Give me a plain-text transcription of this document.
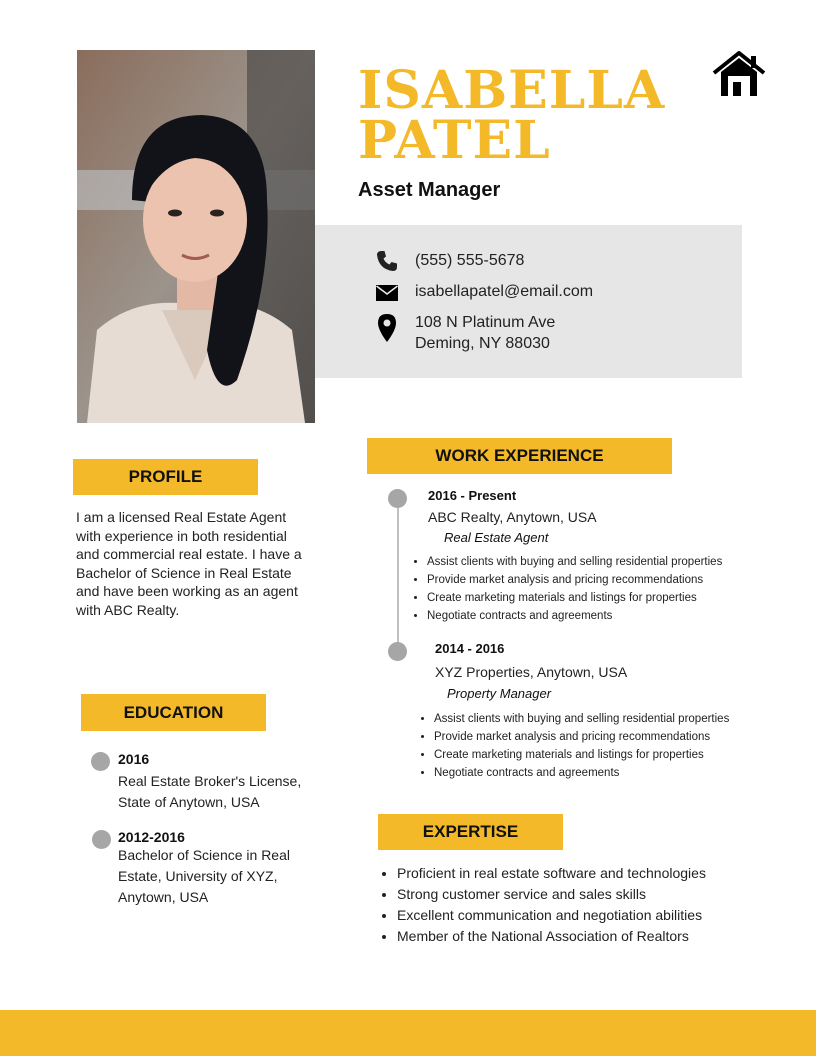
ISABELLA
PATEL
Asset Manager
(555) 555-5678
isabellapatel@email.com
108 N Platinum Ave
Deming, NY 88030
PROFILE
I am a licensed Real Estate Agent with experience in both residential and commercial real estate. I have a Bachelor of Science in Real Estate and have been working as an agent with ABC Realty.
EDUCATION
2016
Real Estate Broker's License,
State of Anytown, USA
2012-2016
Bachelor of Science in Real
Estate, University of XYZ,
Anytown, USA
WORK EXPERIENCE
2016 - Present
ABC Realty, Anytown, USA
Real Estate Agent
• Assist clients with buying and selling residential properties
• Provide market analysis and pricing recommendations
• Create marketing materials and listings for properties
• Negotiate contracts and agreements
2014 - 2016
XYZ Properties, Anytown, USA
Property Manager
• Assist clients with buying and selling residential properties
• Provide market analysis and pricing recommendations
• Create marketing materials and listings for properties
• Negotiate contracts and agreements
EXPERTISE
• Proficient in real estate software and technologies
• Strong customer service and sales skills
• Excellent communication and negotiation abilities
• Member of the National Association of Realtors
